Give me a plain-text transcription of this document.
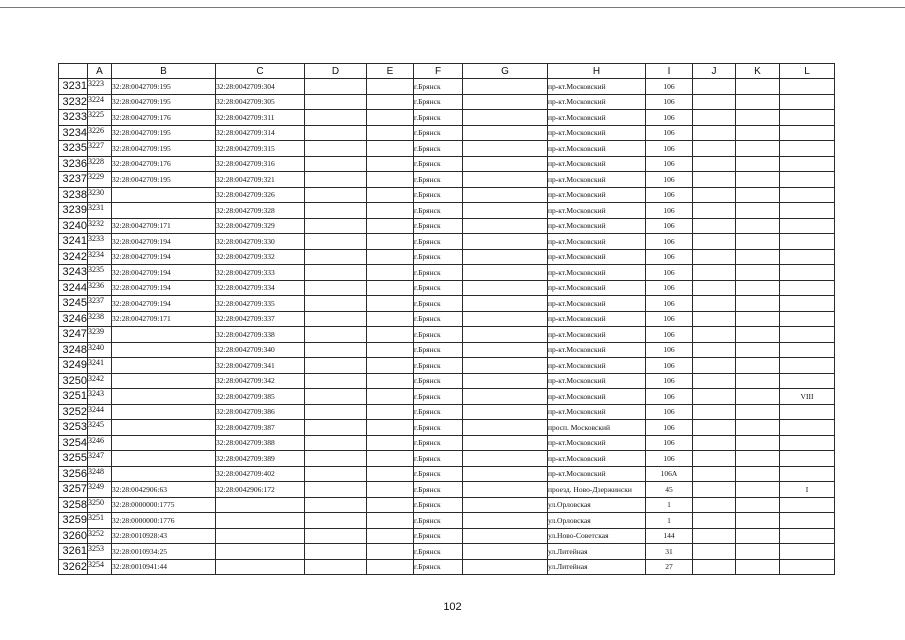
	A	B	C	D	E	F	G	H	I	J	K	L
3231	3223	32:28:0042709:195	32:28:0042709:304			г.Брянск		пр-кт.Московский	106			
3232	3224	32:28:0042709:195	32:28:0042709:305			г.Брянск		пр-кт.Московский	106			
3233	3225	32:28:0042709:176	32:28:0042709:311			г.Брянск		пр-кт.Московский	106			
3234	3226	32:28:0042709:195	32:28:0042709:314			г.Брянск		пр-кт.Московский	106			
3235	3227	32:28:0042709:195	32:28:0042709:315			г.Брянск		пр-кт.Московский	106			
3236	3228	32:28:0042709:176	32:28:0042709:316			г.Брянск		пр-кт.Московский	106			
3237	3229	32:28:0042709:195	32:28:0042709:321			г.Брянск		пр-кт.Московский	106			
3238	3230		32:28:0042709:326			г.Брянск		пр-кт.Московский	106			
3239	3231		32:28:0042709:328			г.Брянск		пр-кт.Московский	106			
3240	3232	32:28:0042709:171	32:28:0042709:329			г.Брянск		пр-кт.Московский	106			
3241	3233	32:28:0042709:194	32:28:0042709:330			г.Брянск		пр-кт.Московский	106			
3242	3234	32:28:0042709:194	32:28:0042709:332			г.Брянск		пр-кт.Московский	106			
3243	3235	32:28:0042709:194	32:28:0042709:333			г.Брянск		пр-кт.Московский	106			
3244	3236	32:28:0042709:194	32:28:0042709:334			г.Брянск		пр-кт.Московский	106			
3245	3237	32:28:0042709:194	32:28:0042709:335			г.Брянск		пр-кт.Московский	106			
3246	3238	32:28:0042709:171	32:28:0042709:337			г.Брянск		пр-кт.Московский	106			
3247	3239		32:28:0042709:338			г.Брянск		пр-кт.Московский	106			
3248	3240		32:28:0042709:340			г.Брянск		пр-кт.Московский	106			
3249	3241		32:28:0042709:341			г.Брянск		пр-кт.Московский	106			
3250	3242		32:28:0042709:342			г.Брянск		пр-кт.Московский	106			
3251	3243		32:28:0042709:385			г.Брянск		пр-кт.Московский	106			VIII
3252	3244		32:28:0042709:386			г.Брянск		пр-кт.Московский	106			
3253	3245		32:28:0042709:387			г.Брянск		просп. Московский	106			
3254	3246		32:28:0042709:388			г.Брянск		пр-кт.Московский	106			
3255	3247		32:28:0042709:389			г.Брянск		пр-кт.Московский	106			
3256	3248		32:28:0042709:402			г.Брянск		пр-кт.Московский	106А			
3257	3249	32:28:0042906:63	32:28:0042906:172			г.Брянск		проезд. Ново-Дзержински	45			I
3258	3250	32:28:0000000:1775				г.Брянск		ул.Орловская	1			
3259	3251	32:28:0000000:1776				г.Брянск		ул.Орловская	1			
3260	3252	32:28:0010928:43				г.Брянск		ул.Ново-Советская	144			
3261	3253	32:28:0010934:25				г.Брянск		ул.Литейная	31			
3262	3254	32:28:0010941:44				г.Брянск		ул.Литейная	27			
102
